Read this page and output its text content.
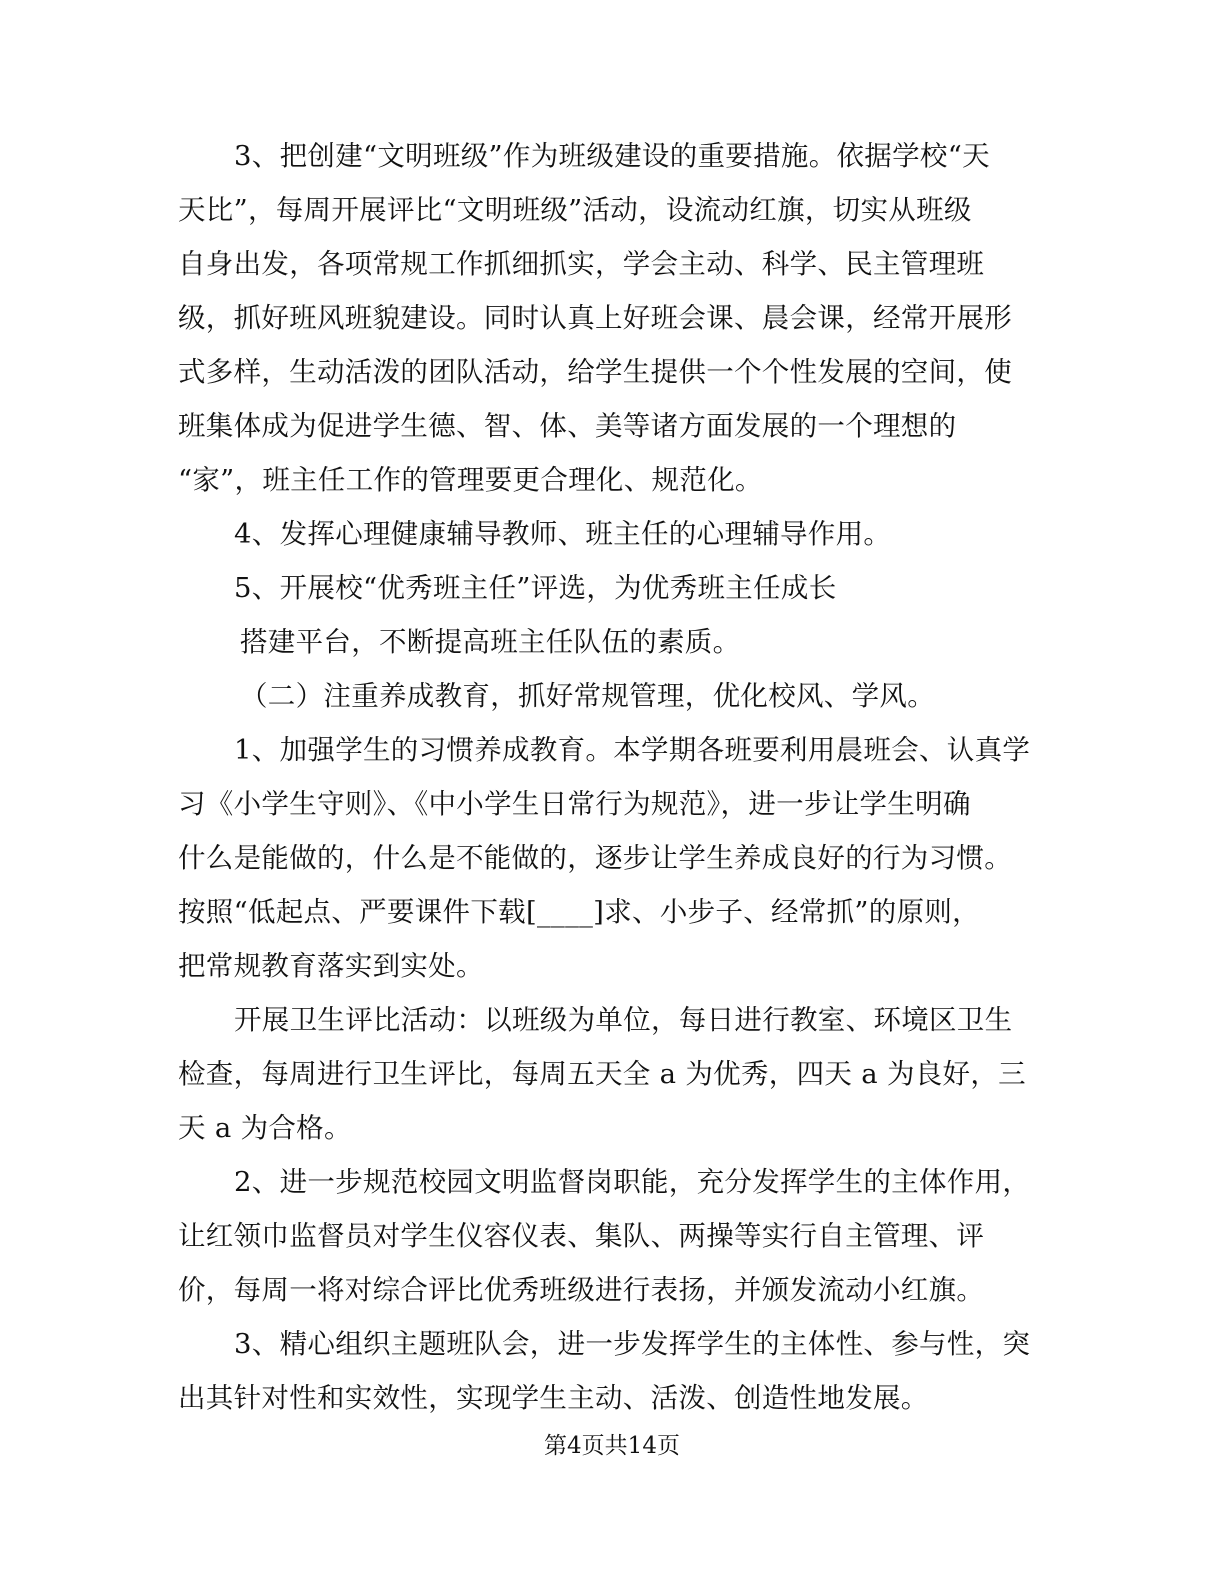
3、把创建“文明班级”作为班级建设的重要措施。依据学校“天
天比”，每周开展评比“文明班级”活动，设流动红旗，切实从班级
自身出发，各项常规工作抓细抓实，学会主动、科学、民主管理班
级，抓好班风班貌建设。同时认真上好班会课、晨会课，经常开展形
式多样，生动活泼的团队活动，给学生提供一个个性发展的空间，使
班集体成为促进学生德、智、体、美等诸方面发展的一个理想的
“家”，班主任工作的管理要更合理化、规范化。
4、发挥心理健康辅导教师、班主任的心理辅导作用。
5、开展校“优秀班主任”评选，为优秀班主任成长
搭建平台，不断提高班主任队伍的素质。
（二）注重养成教育，抓好常规管理，优化校风、学风。
1、加强学生的习惯养成教育。本学期各班要利用晨班会、认真学
习《小学生守则》、《中小学生日常行为规范》，进一步让学生明确
什么是能做的，什么是不能做的，逐步让学生养成良好的行为习惯。
按照“低起点、严要课件下载[____]求、小步子、经常抓”的原则，
把常规教育落实到实处。
开展卫生评比活动：以班级为单位，每日进行教室、环境区卫生
检查，每周进行卫生评比，每周五天全 a 为优秀，四天 a 为良好，三
天 a 为合格。
2、进一步规范校园文明监督岗职能，充分发挥学生的主体作用，
让红领巾监督员对学生仪容仪表、集队、两操等实行自主管理、评
价，每周一将对综合评比优秀班级进行表扬，并颁发流动小红旗。
3、精心组织主题班队会，进一步发挥学生的主体性、参与性，突
出其针对性和实效性，实现学生主动、活泼、创造性地发展。
第4页共14页
